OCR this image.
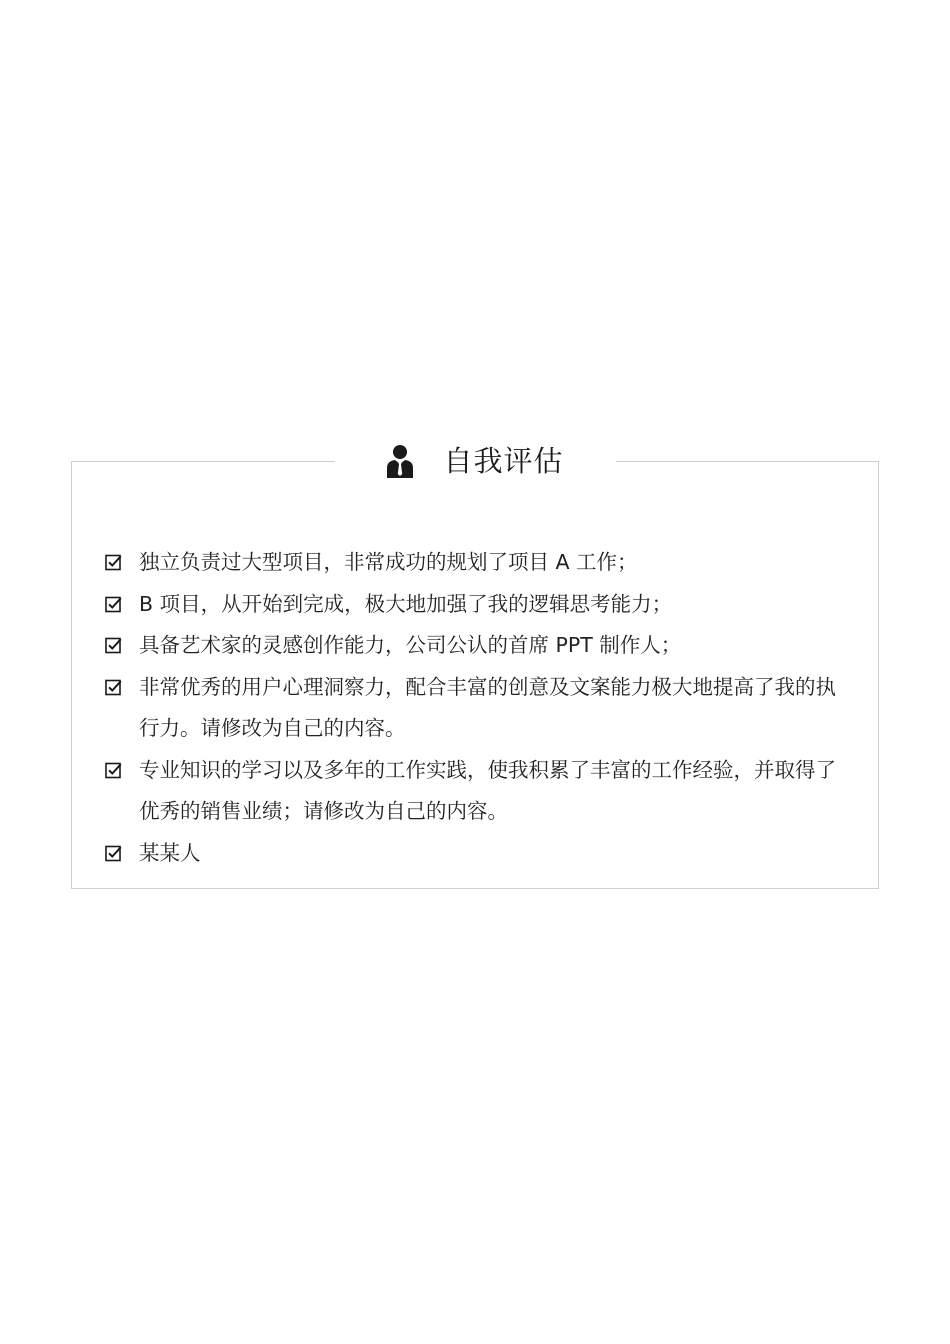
自我评估
独立负责过大型项目，非常成功的规划了项目 A 工作；
B 项目，从开始到完成，极大地加强了我的逻辑思考能力；
具备艺术家的灵感创作能力，公司公认的首席 PPT 制作人；
非常优秀的用户心理洞察力，配合丰富的创意及文案能力极大地提高了我的执行力。请修改为自己的内容。
专业知识的学习以及多年的工作实践，使我积累了丰富的工作经验，并取得了优秀的销售业绩；请修改为自己的内容。
某某人
